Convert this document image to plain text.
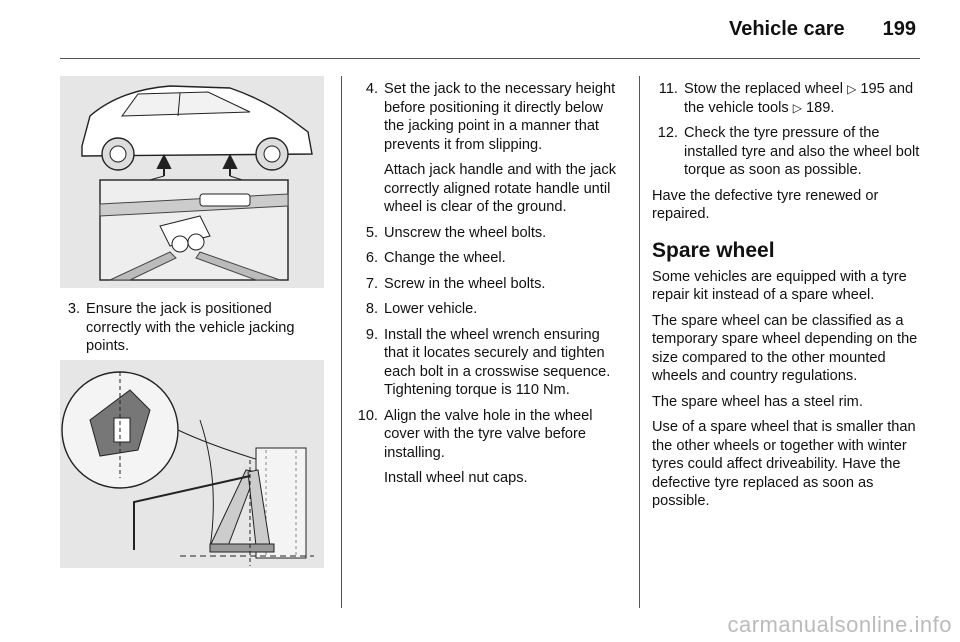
Vehicle care 199
3. Ensure the jack is positioned correctly with the vehicle jacking points.
4. Set the jack to the necessary height before positioning it directly below the jacking point in a manner that prevents it from slipping.
Attach jack handle and with the jack correctly aligned rotate handle until wheel is clear of the ground.
5. Unscrew the wheel bolts.
6. Change the wheel.
7. Screw in the wheel bolts.
8. Lower vehicle.
9. Install the wheel wrench ensuring that it locates securely and tighten each bolt in a crosswise sequence. Tightening torque is 110 Nm.
10. Align the valve hole in the wheel cover with the tyre valve before installing.
Install wheel nut caps.
11. Stow the replaced wheel ▷ 195 and the vehicle tools ▷ 189.
12. Check the tyre pressure of the installed tyre and also the wheel bolt torque as soon as possible.

Have the defective tyre renewed or repaired.

Spare wheel

Some vehicles are equipped with a tyre repair kit instead of a spare wheel.

The spare wheel can be classified as a temporary spare wheel depending on the size compared to the other mounted wheels and country regulations.

The spare wheel has a steel rim.

Use of a spare wheel that is smaller than the other wheels or together with winter tyres could affect driveability. Have the defective tyre replaced as soon as possible.

carmanualsonline.info
